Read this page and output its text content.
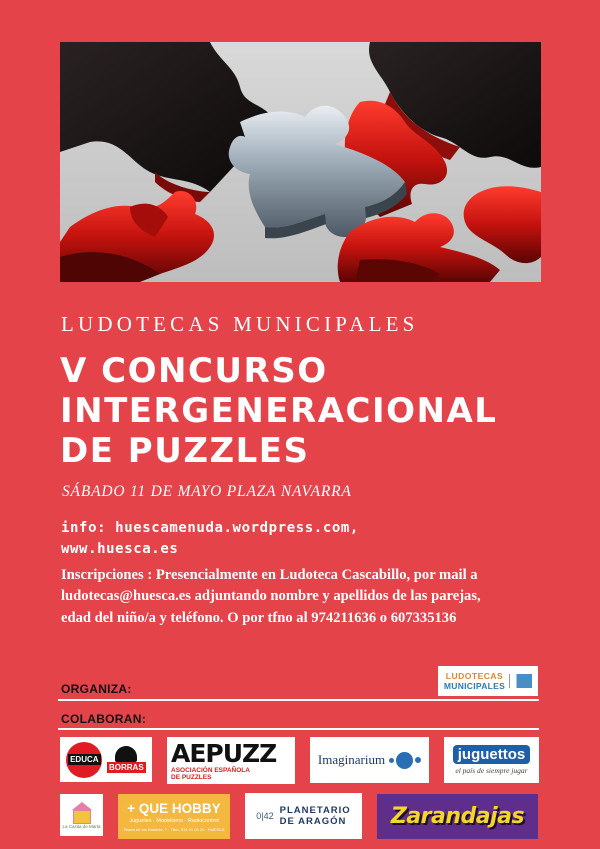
LUDOTECAS MUNICIPALES
V CONCURSO
INTERGENERACIONAL
DE PUZZLES
SÁBADO 11 DE MAYO PLAZA NAVARRA
info: huescamenuda.wordpress.com,
www.huesca.es
Inscripciones : Presencialmente en Ludoteca Cascabillo, por mail a ludotecas@huesca.es adjuntando nombre y apellidos de las parejas, edad del niño/a y teléfono. O por tfno al 974211636 o 607335136
ORGANIZA:
LUDOTECAS
MUNICIPALES
COLABORAN:
EDUCA
BORRAS AEPUZZ
ASOCIACIÓN ESPAÑOLA
DE PUZZLES
Imaginarium	juguettos
el país de siempre jugar
La Casita de Marta
+ QUE HOBBY
Juguetes · Modelismo · Radiocontrol
Paseo de los Ramiréz, 7 · Tfno. 974 21 03 24 · HUESCA
0|42 PLANETARIO
DE ARAGÓN Zarandajas
